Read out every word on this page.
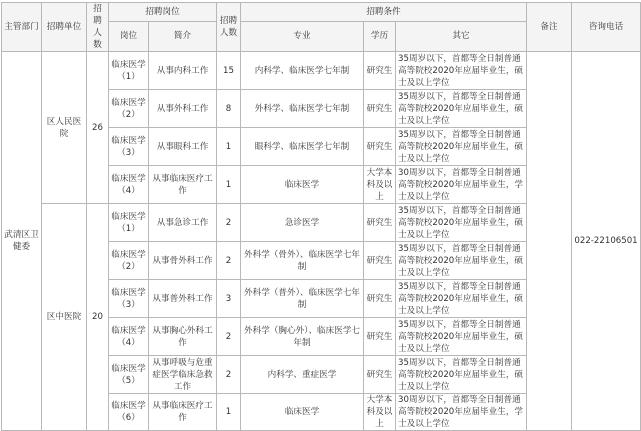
主管部门	招聘单位	招聘人数	招聘岗位		招聘人数	招聘条件			备注	咨询电话
			岗位	简介		专业	学历	其它		
武清区卫健委	区人民医院	26	临床医学（1）	从事内科工作	15	内科学、临床医学七年制	研究生	35周岁以下，首都等全日制普通高等院校2020年应届毕业生，硕士及以上学位		022-22106501
			临床医学（2）	从事外科工作	8	外科学、临床医学七年制	研究生	35周岁以下，首都等全日制普通高等院校2020年应届毕业生，硕士及以上学位		
			临床医学（3）	从事眼科工作	1	眼科学、临床医学七年制	研究生	35周岁以下，首都等全日制普通高等院校2020年应届毕业生，硕士及以上学位		
			临床医学（4）	从事临床医疗工作	1	临床医学	大学本科及以上	30周岁以下，首都等全日制普通高等院校2020年应届毕业生，学士及以上学位		
	区中医院	20	临床医学（1）	从事急诊工作	2	急诊医学	研究生	35周岁以下，首都等全日制普通高等院校2020年应届毕业生，硕士及以上学位		
			临床医学（2）	从事骨外科工作	2	外科学（骨外）、临床医学七年制	研究生	35周岁以下，首都等全日制普通高等院校2020年应届毕业生，硕士及以上学位		
			临床医学（3）	从事普外科工作	3	外科学（普外）、临床医学七年制	研究生	35周岁以下，首都等全日制普通高等院校2020年应届毕业生，硕士及以上学位		
			临床医学（4）	从事胸心外科工作	2	外科学（胸心外）、临床医学七年制	研究生	35周岁以下，首都等全日制普通高等院校2020年应届毕业生，硕士及以上学位		
			临床医学（5）	从事呼吸与危重症医学临床急救工作	2	内科学、重症医学	研究生	35周岁以下，首都等全日制普通高等院校2020年应届毕业生，硕士及以上学位		
			临床医学（6）	从事临床医疗工作	1	临床医学	大学本科及以上	30周岁以下，首都等全日制普通高等院校2020年应届毕业生，学士及以上学位		
